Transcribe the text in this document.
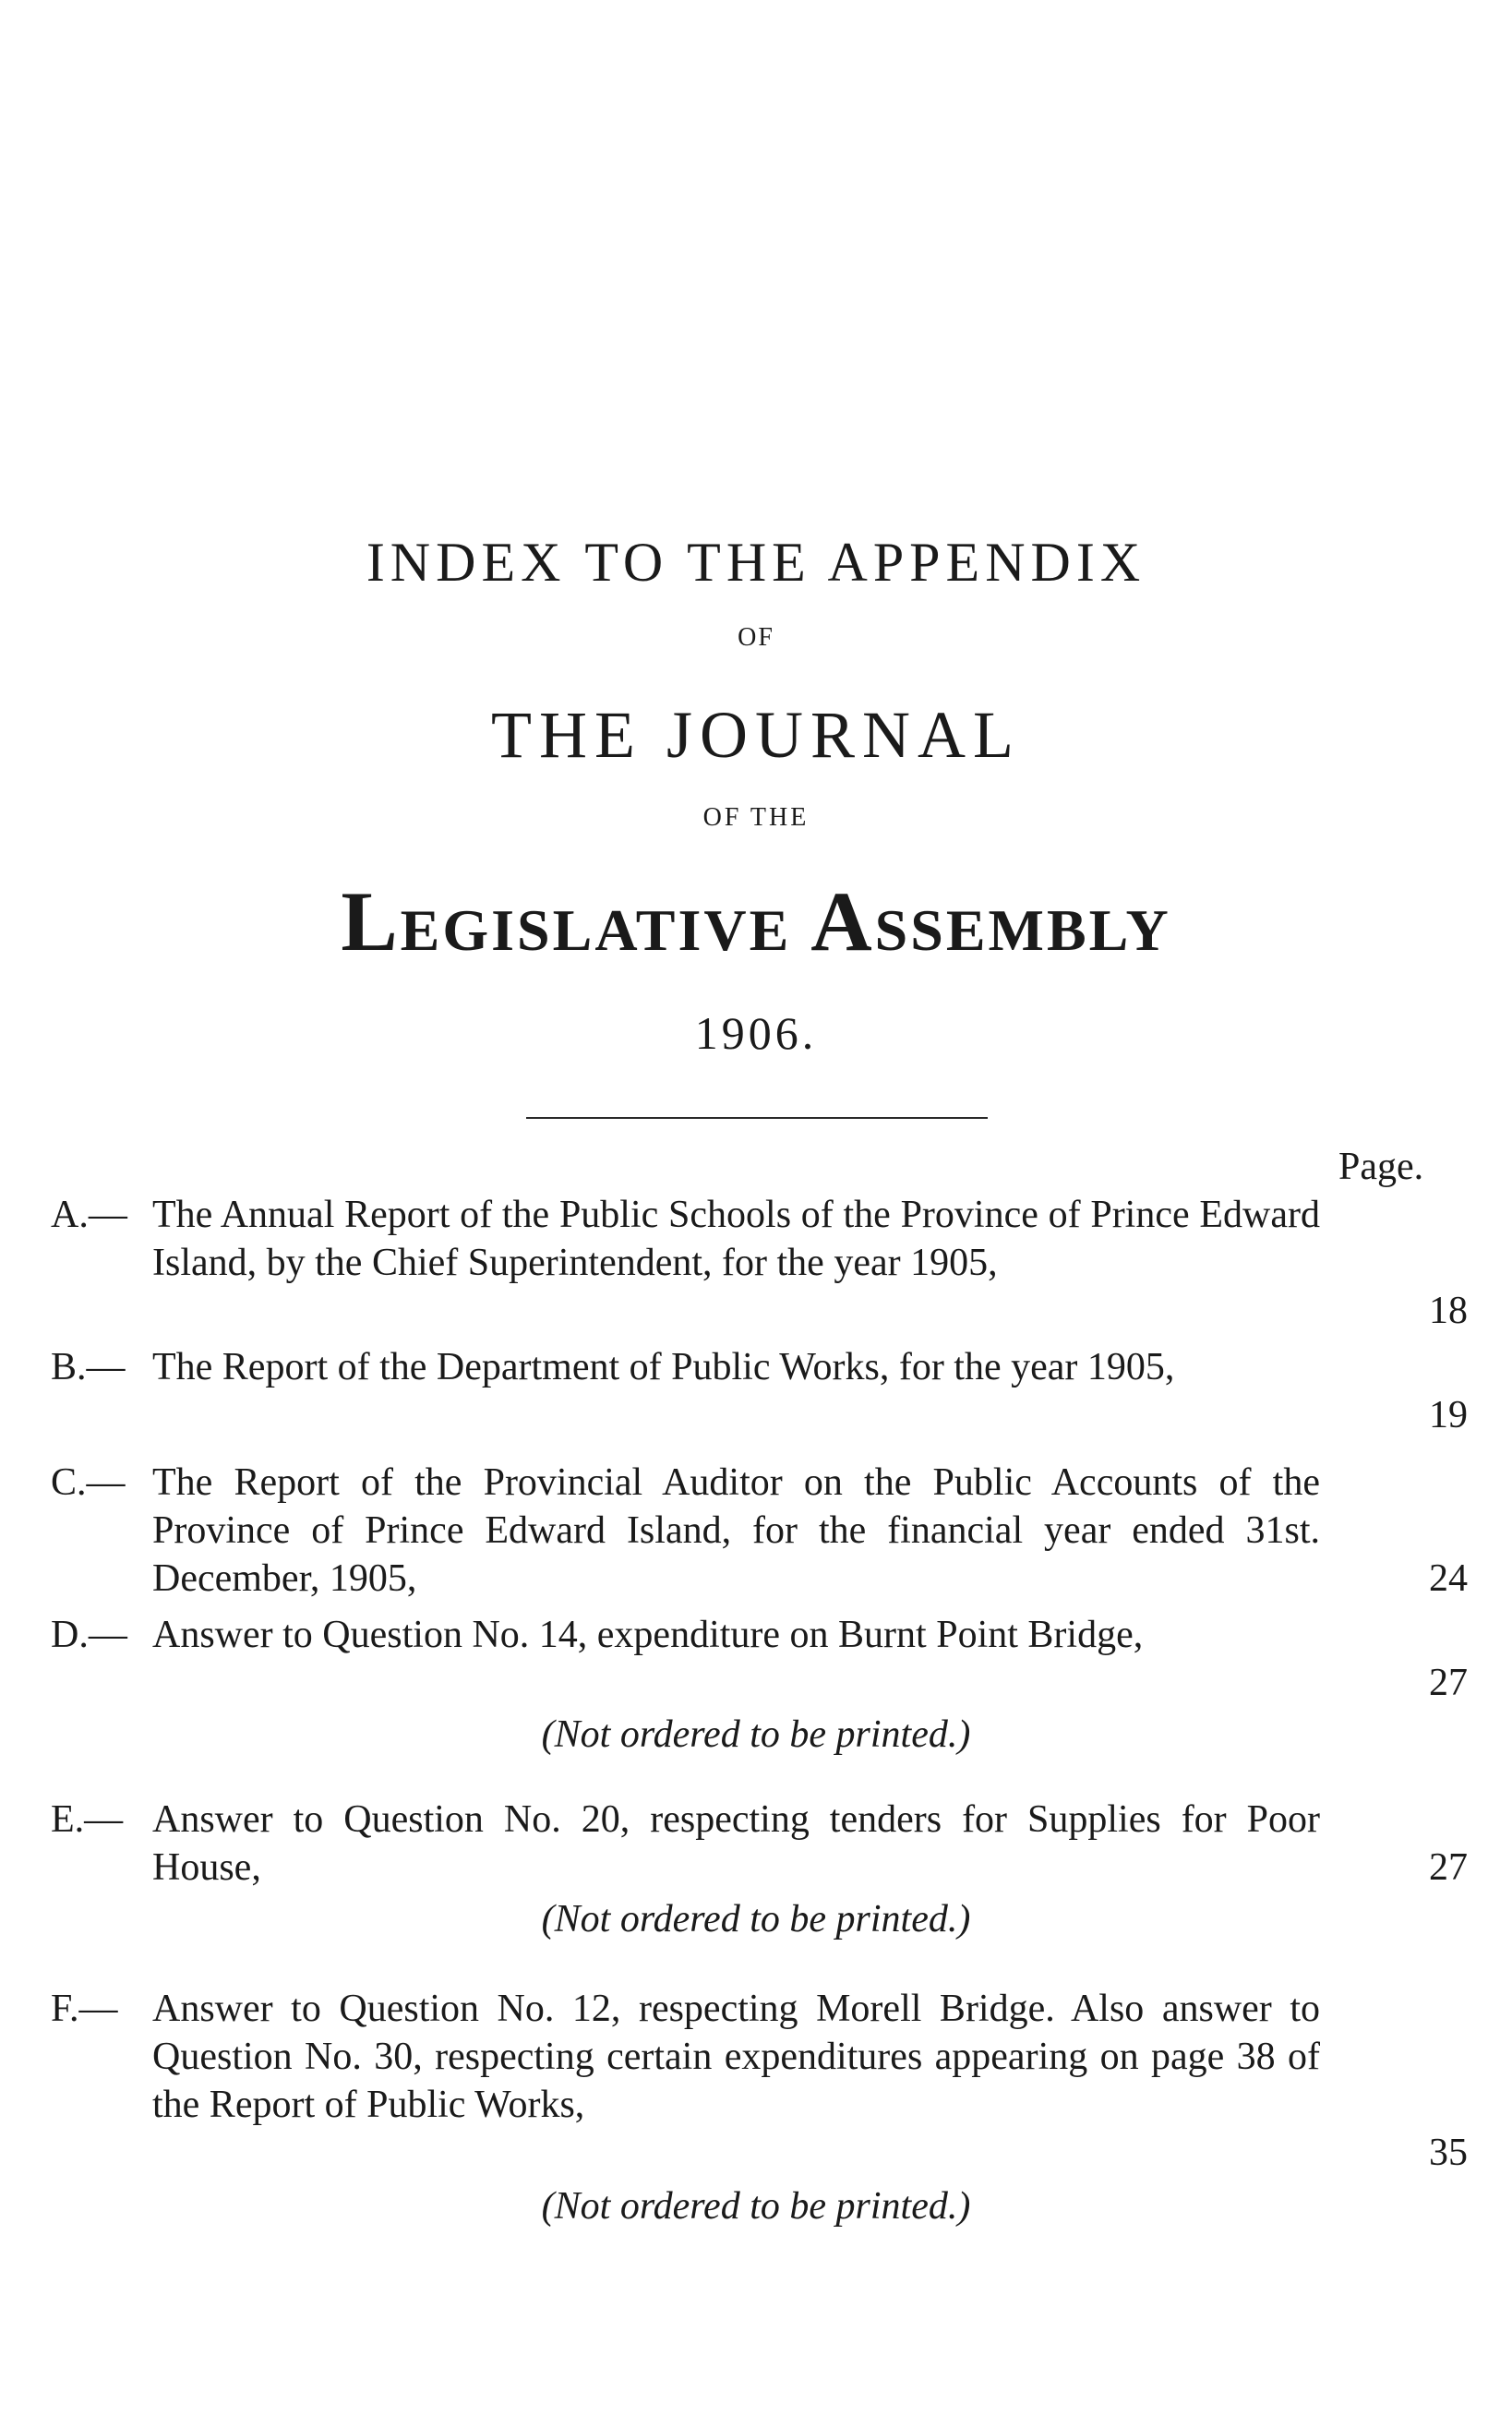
INDEX TO THE APPENDIX
OF
THE JOURNAL
OF THE
Legislative Assembly
1906.
Page.
A.— The Annual Report of the Public Schools of the Province of Prince Edward Island, by the Chief Superintendent, for the year 1905,
18
B.— The Report of the Department of Public Works, for the year 1905,
19
C.— The Report of the Provincial Auditor on the Public Accounts of the Province of Prince Edward Island, for the financial year ended 31st. December, 1905,	24
D.— Answer to Question No. 14, expenditure on Burnt Point Bridge,
27
(Not ordered to be printed.)
E.— Answer to Question No. 20, respecting tenders for Supplies for Poor House,	27
(Not ordered to be printed.)
F.— Answer to Question No. 12, respecting Morell Bridge. Also answer to Question No. 30, respecting certain expenditures appearing on page 38 of the Report of Public Works,
35
(Not ordered to be printed.)
